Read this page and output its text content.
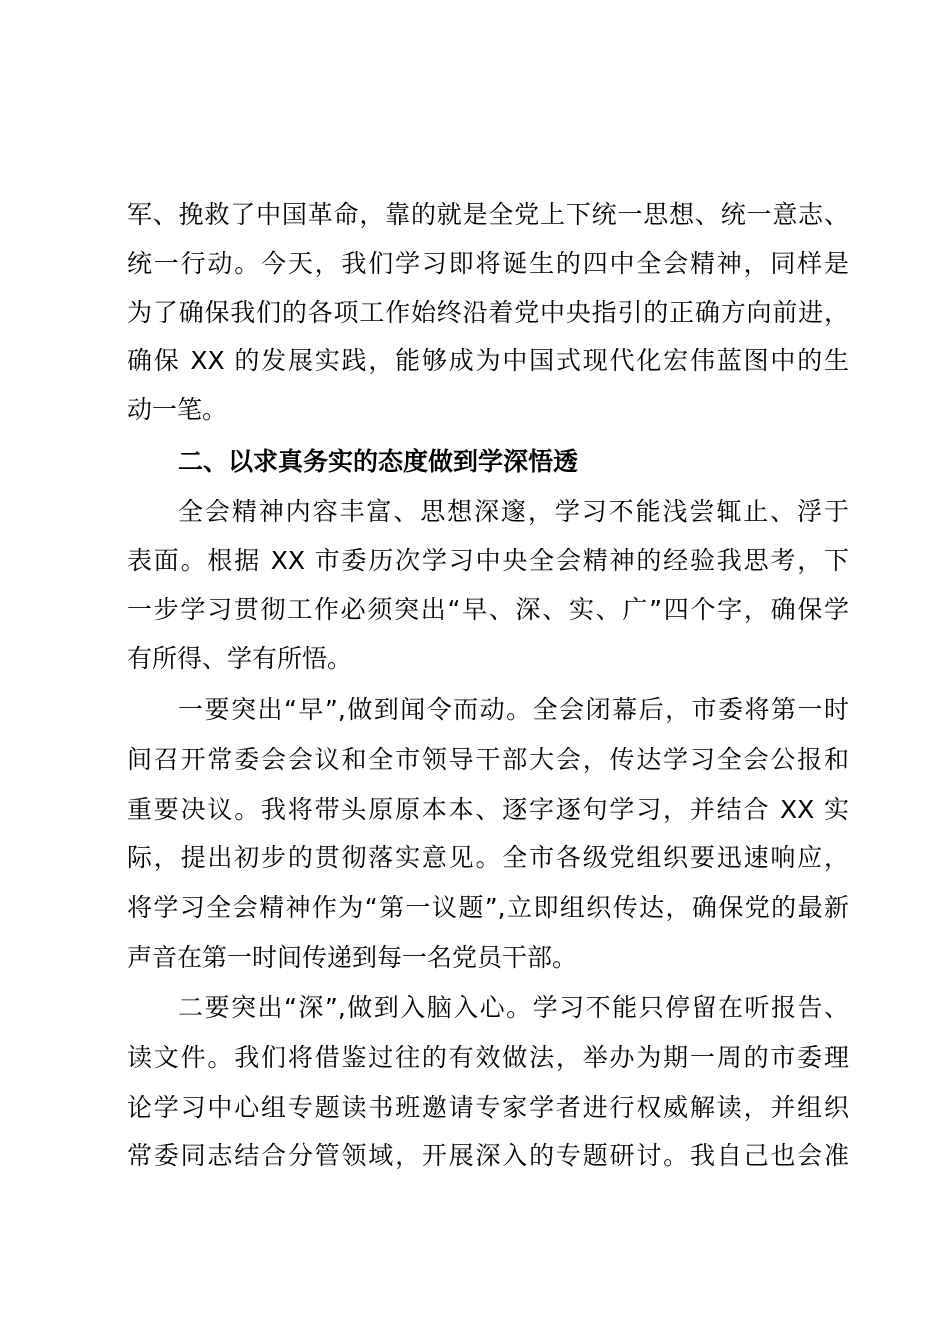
军、挽救了中国革命，靠的就是全党上下统一思想、统一意志、
统一行动。今天，我们学习即将诞生的四中全会精神，同样是
为了确保我们的各项工作始终沿着党中央指引的正确方向前进，
确保 XX 的发展实践，能够成为中国式现代化宏伟蓝图中的生
动一笔。
二、以求真务实的态度做到学深悟透
全会精神内容丰富、思想深邃，学习不能浅尝辄止、浮于
表面。根据 XX 市委历次学习中央全会精神的经验我思考，下
一步学习贯彻工作必须突出“早、深、实、广”四个字，确保学
有所得、学有所悟。
一要突出“早”,做到闻令而动。全会闭幕后，市委将第一时
间召开常委会会议和全市领导干部大会，传达学习全会公报和
重要决议。我将带头原原本本、逐字逐句学习，并结合 XX 实
际，提出初步的贯彻落实意见。全市各级党组织要迅速响应，
将学习全会精神作为“第一议题”,立即组织传达，确保党的最新
声音在第一时间传递到每一名党员干部。
二要突出“深”,做到入脑入心。学习不能只停留在听报告、
读文件。我们将借鉴过往的有效做法，举办为期一周的市委理
论学习中心组专题读书班邀请专家学者进行权威解读，并组织
常委同志结合分管领域，开展深入的专题研讨。我自己也会准
